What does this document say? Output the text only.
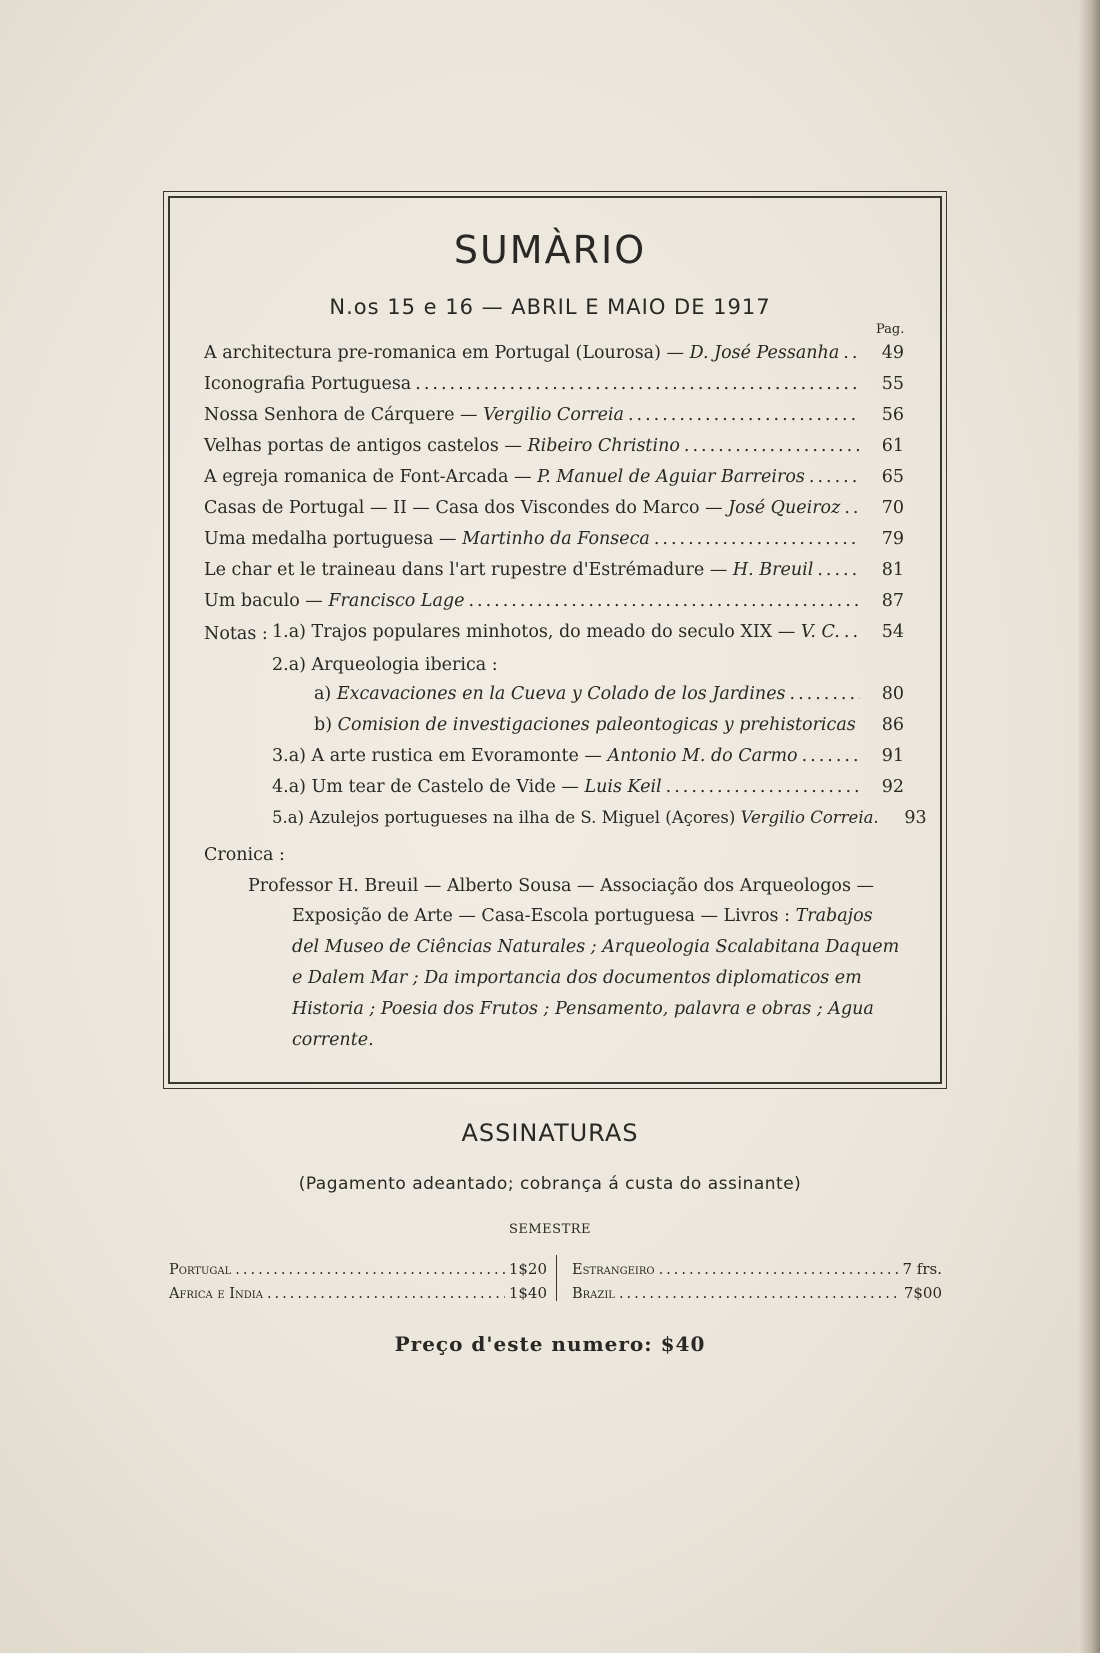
SUMÀRIO
N.os 15 e 16 — ABRIL E MAIO DE 1917
Pag.
A architectura pre-romanica em Portugal (Lourosa) — D. José Pessanha .....	49
Iconografia Portuguesa .....	55
Nossa Senhora de Cárquere — Vergilio Correia .....	56
Velhas portas de antigos castelos — Ribeiro Christino .....	61
A egreja romanica de Font-Arcada — P. Manuel de Aguiar Barreiros .....	65
Casas de Portugal — II — Casa dos Viscondes do Marco — José Queiroz .....	70
Uma medalha portuguesa — Martinho da Fonseca .....	79
Le char et le traineau dans l'art rupestre d'Estrémadure — H. Breuil .....	81
Um baculo — Francisco Lage .....	87
Notas : 1.a) Trajos populares minhotos, do meado do seculo XIX — V. C. .....	54
2.a) Arqueologia iberica :
a) Excavaciones en la Cueva y Colado de los Jardines .....	80
b) Comision de investigaciones paleontogicas y prehistoricas .....	86
3.a) A arte rustica em Evoramonte — Antonio M. do Carmo .....	91
4.a) Um tear de Castelo de Vide — Luis Keil .....	92
5.a) Azulejos portugueses na ilha de S. Miguel (Açores) Vergilio Correia.	93
Cronica :
Professor H. Breuil — Alberto Sousa — Associação dos Arqueologos —
Exposição de Arte — Casa-Escola portuguesa — Livros : Trabajos
del Museo de Ciências Naturales ; Arqueologia Scalabitana Daquem
e Dalem Mar ; Da importancia dos documentos diplomaticos em
Historia ; Poesia dos Frutos ; Pensamento, palavra e obras ; Agua
corrente.
ASSINATURAS
(Pagamento adeantado; cobrança á custa do assinante)
SEMESTRE
Portugal .....	1$20
Africa e India .....	1$40
Estrangeiro .....	7 frs.
Brazil .....	7$00
Preço d'este numero: $40
